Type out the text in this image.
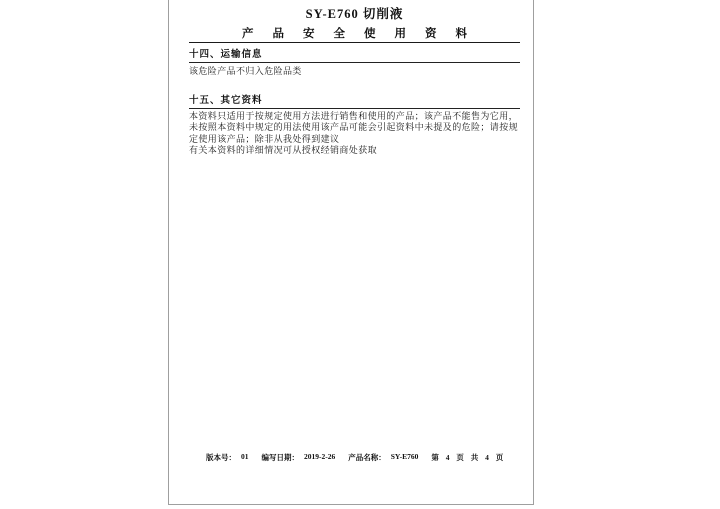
SY-E760 切削液
产品安全使用资料
十四、运输信息
该危险产品不归入危险品类
十五、其它资料
本资料只适用于按规定使用方法进行销售和使用的产品；该产品不能售为它用，
未按照本资料中规定的用法使用该产品可能会引起资料中未提及的危险；请按规
定使用该产品；除非从我处得到建议
有关本资料的详细情况可从授权经销商处获取
版本号： 01 编写日期： 2019-2-26 产品名称： SY-E760 第 4 页 共 4 页
